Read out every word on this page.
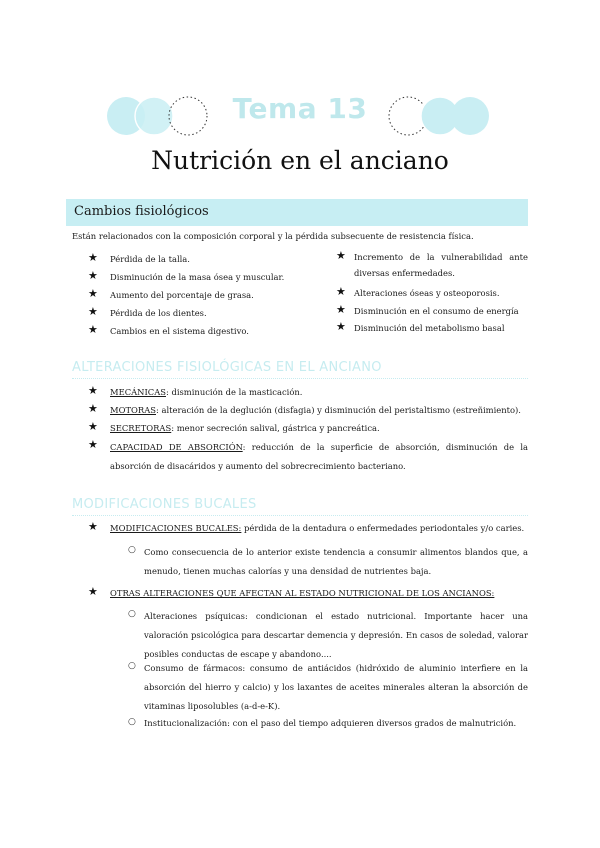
Tema 13
Nutrición en el anciano
Cambios fisiológicos
Están relacionados con la composición corporal y la pérdida subsecuente de resistencia física.
★ Pérdida de la talla.
★ Disminución de la masa ósea y muscular.
★ Aumento del porcentaje de grasa.
★ Pérdida de los dientes.
★ Cambios en el sistema digestivo.
★ Incremento de la vulnerabilidad ante diversas enfermedades.
★ Alteraciones óseas y osteoporosis.
★ Disminución en el consumo de energía
★ Disminución del metabolismo basal
ALTERACIONES FISIOLÓGICAS EN EL ANCIANO
★ MECÁNICAS: disminución de la masticación.
★ MOTORAS: alteración de la deglución (disfagia) y disminución del peristaltismo (estreñimiento).
★ SECRETORAS: menor secreción salival, gástrica y pancreática.
★ CAPACIDAD DE ABSORCIÓN: reducción de la superficie de absorción, disminución de la absorción de disacáridos y aumento del sobrecrecimiento bacteriano.
MODIFICACIONES BUCALES
★ MODIFICACIONES BUCALES: pérdida de la dentadura o enfermedades periodontales y/o caries.
○ Como consecuencia de lo anterior existe tendencia a consumir alimentos blandos que, a menudo, tienen muchas calorías y una densidad de nutrientes baja.
★ OTRAS ALTERACIONES QUE AFECTAN AL ESTADO NUTRICIONAL DE LOS ANCIANOS:
○ Alteraciones psíquicas: condicionan el estado nutricional. Importante hacer una valoración psicológica para descartar demencia y depresión. En casos de soledad, valorar posibles conductas de escape y abandono....
○ Consumo de fármacos: consumo de antiácidos (hidróxido de aluminio interfiere en la absorción del hierro y calcio) y los laxantes de aceites minerales alteran la absorción de vitaminas liposolubles (a-d-e-K).
○ Institucionalización: con el paso del tiempo adquieren diversos grados de malnutrición.
